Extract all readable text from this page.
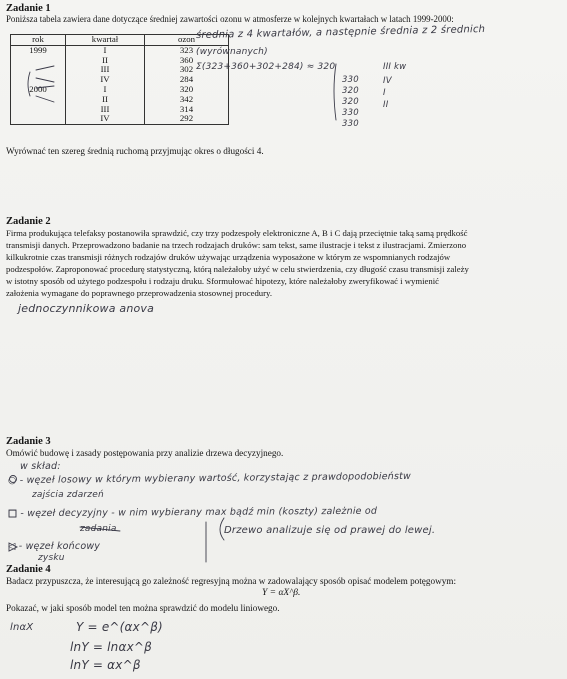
Zadanie 1
Poniższa tabela zawiera dane dotyczące średniej zawartości ozonu w atmosferze w kolejnych kwartałach w latach 1999-2000:
rok	kwartał	ozon
1999	I	323
	II	360
	III	302
	IV	284
2000	I	320
	II	342
	III	314
	IV	292
średnia z 4 kwartałów, a następnie średnia z 2 średnich
(wyrównanych)
Σ(323+360+302+284) ≈ 320
330
320
320
330
330
III kw
IV
I
II
Wyrównać ten szereg średnią ruchomą przyjmując okres o długości 4.
Zadanie 2
Firma produkująca telefaksy postanowiła sprawdzić, czy trzy podzespoły elektroniczne A, B i C dają przeciętnie taką samą prędkość
transmisji danych. Przeprowadzono badanie na trzech rodzajach druków: sam tekst, same ilustracje i tekst z ilustracjami. Zmierzono
kilkukrotnie czas transmisji różnych rodzajów druków używając urządzenia wyposażone w którym ze wspomnianych rodzajów
podzespołów. Zaproponować procedurę statystyczną, którą należałoby użyć w celu stwierdzenia, czy długość czasu transmisji zależy
w istotny sposób od użytego podzespołu i rodzaju druku. Sformułować hipotezy, które należałoby zweryfikować i wymienić
założenia wymagane do poprawnego przeprowadzenia stosownej procedury.
jednoczynnikowa anova
Zadanie 3
Omówić budowę i zasady postępowania przy analizie drzewa decyzyjnego.
w skład:
○ - węzeł losowy w którym wybierany wartość, korzystając z prawdopodobieństw
zajścia zdarzeń
□ - węzeł decyzyjny - w nim wybierany max bądź min (koszty) zależnie od
zadania	Drzewo analizuje się od prawej do lewej.
◁ - węzeł końcowy
zysku
Zadanie 4
Badacz przypuszcza, że interesującą go zależność regresyjną można w zadowalający sposób opisać modelem potęgowym:
Y = αX^β.
Pokazać, w jaki sposób model ten można sprawdzić do modelu liniowego.
lnαX	Y = e^(αx^β)
lnY = lnαx^β
lnY = αx^β
